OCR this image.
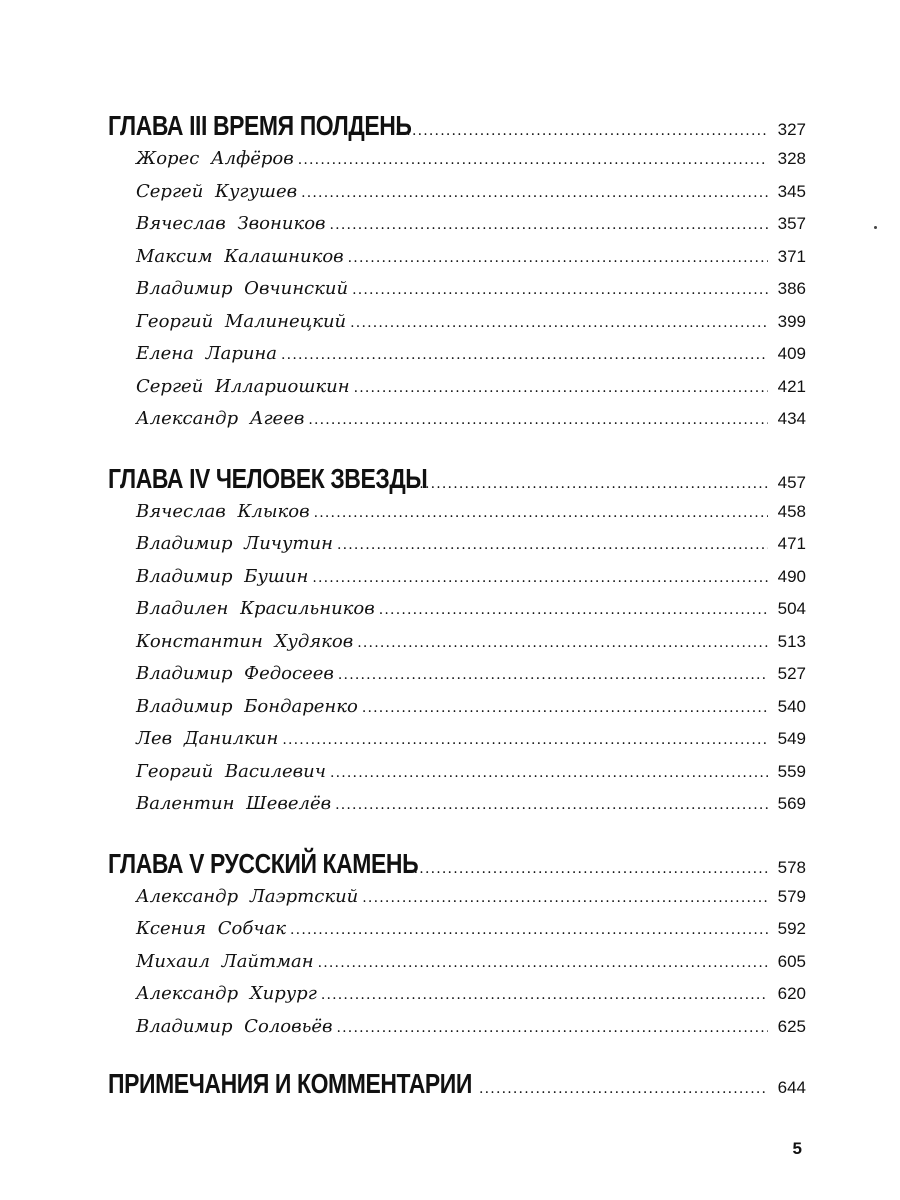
ГЛАВА III ВРЕМЯ ПОЛДЕНЬ .....	327
Жорес Алфёров .....	328
Сергей Кугушев .....	345
Вячеслав Звоников .....	357
Максим Калашников .....	371
Владимир Овчинский .....	386
Георгий Малинецкий .....	399
Елена Ларина .....	409
Сергей Иллариошкин .....	421
Александр Агеев .....	434
ГЛАВА IV ЧЕЛОВЕК ЗВЕЗДЫ .....	457
Вячеслав Клыков .....	458
Владимир Личутин .....	471
Владимир Бушин .....	490
Владилен Красильников .....	504
Константин Худяков .....	513
Владимир Федосеев .....	527
Владимир Бондаренко .....	540
Лев Данилкин .....	549
Георгий Василевич .....	559
Валентин Шевелёв .....	569
ГЛАВА V РУССКИЙ КАМЕНЬ .....	578
Александр Лаэртский .....	579
Ксения Собчак .....	592
Михаил Лайтман .....	605
Александр Хирург .....	620
Владимир Соловьёв .....	625
ПРИМЕЧАНИЯ И КОММЕНТАРИИ .....	644
5
